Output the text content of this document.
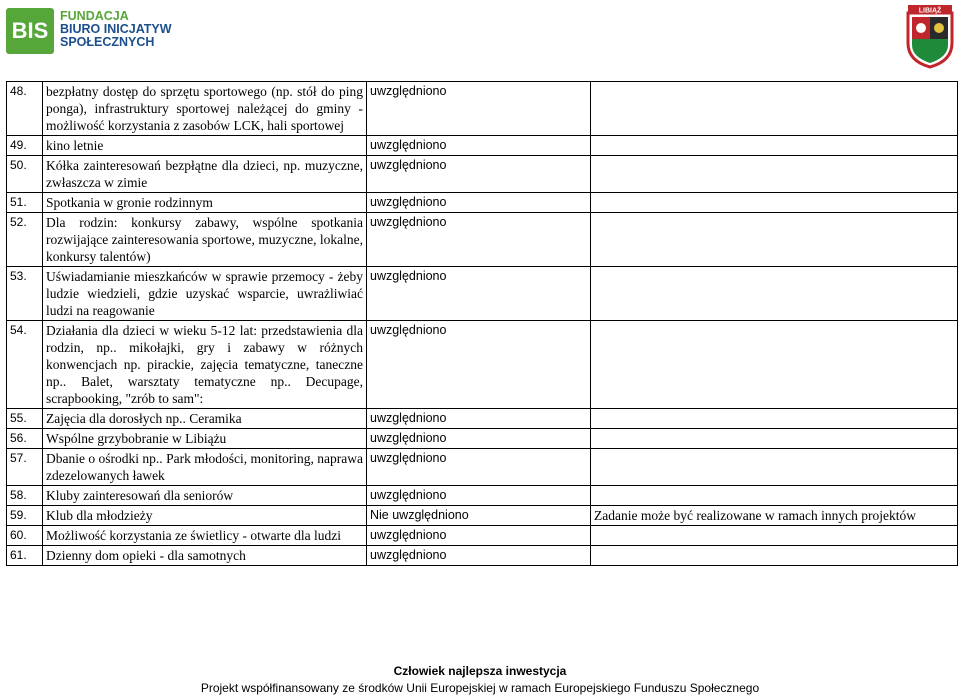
BIS
FUNDACJA
BIURO INICJATYW
SPOŁECZNYCH
LIBIĄŻ
48.	bezpłatny dostęp do sprzętu sportowego (np. stół do ping ponga), infrastruktury sportowej należącej do gminy - możliwość korzystania z zasobów LCK, hali sportowej	uwzględniono	
49.	kino letnie	uwzględniono	
50.	Kółka zainteresowań bezpłątne dla dzieci, np. muzyczne, zwłaszcza w zimie	uwzględniono	
51.	Spotkania w gronie rodzinnym	uwzględniono	
52.	Dla rodzin: konkursy zabawy, wspólne spotkania rozwijające zainteresowania sportowe, muzyczne, lokalne, konkursy talentów)	uwzględniono	
53.	Uświadamianie mieszkańców w sprawie przemocy - żeby ludzie wiedzieli, gdzie uzyskać wsparcie, uwrażliwiać ludzi na reagowanie	uwzględniono	
54.	Działania dla dzieci w wieku 5-12 lat: przedstawienia dla rodzin, np.. mikołajki, gry i zabawy w różnych konwencjach np. pirackie, zajęcia tematyczne, taneczne np.. Balet, warsztaty tematyczne np.. Decupage, scrapbooking, "zrób to sam":	uwzględniono	
55.	Zajęcia dla dorosłych np.. Ceramika	uwzględniono	
56.	Wspólne grzybobranie w Libiążu	uwzględniono	
57.	Dbanie o ośrodki np.. Park młodości, monitoring, naprawa zdezelowanych ławek	uwzględniono	
58.	Kluby zainteresowań dla seniorów	uwzględniono	
59.	Klub dla młodzieży	Nie uwzględniono	Zadanie może być realizowane w ramach innych projektów
60.	Możliwość korzystania ze świetlicy - otwarte dla ludzi	uwzględniono	
61.	Dzienny dom opieki - dla samotnych	uwzględniono	
Człowiek najlepsza inwestycja
Projekt współfinansowany ze środków Unii Europejskiej w ramach Europejskiego Funduszu Społecznego
